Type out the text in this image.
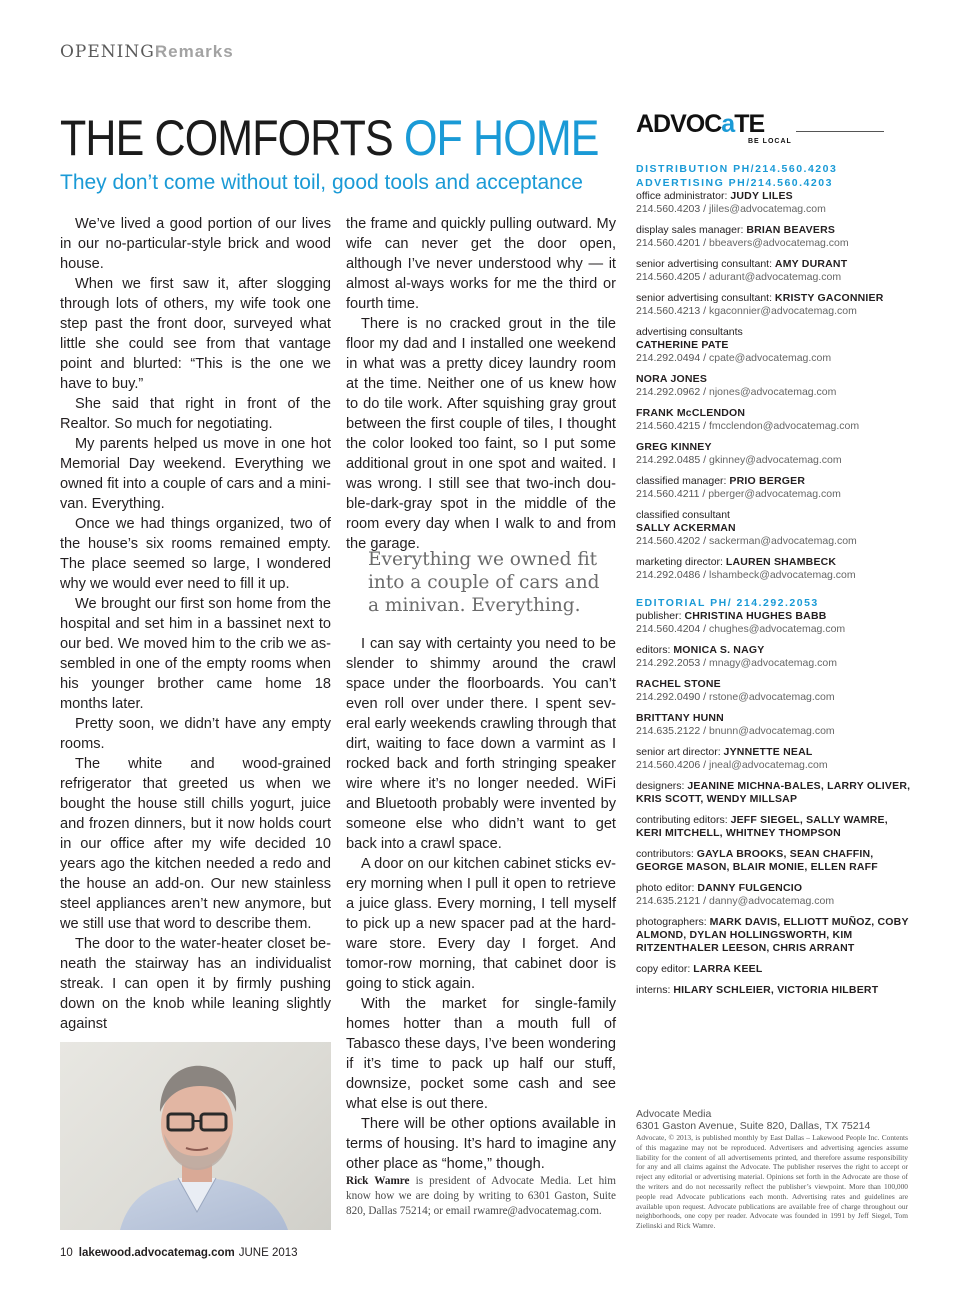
OPENINGRemarks
THE COMFORTS OF HOME
They don’t come without toil, good tools and acceptance

We’ve lived a good portion of our lives in our no-particular-style brick and wood house.

When we first saw it, after slogging through lots of others, my wife took one step past the front door, surveyed what little she could see from that vantage point and blurted: “This is the one we have to buy.”

She said that right in front of the Realtor. So much for negotiating.

My parents helped us move in one hot Memorial Day weekend. Everything we owned fit into a couple of cars and a mini-van. Everything.

Once we had things organized, two of the house’s six rooms remained empty. The place seemed so large, I wondered why we would ever need to fill it up.

We brought our first son home from the hospital and set him in a bassinet next to our bed. We moved him to the crib we as-sembled in one of the empty rooms when his younger brother came home 18 months later.

Pretty soon, we didn’t have any empty rooms.

The white and wood-grained refrigerator that greeted us when we bought the house still chills yogurt, juice and frozen dinners, but it now holds court in our office after my wife decided 10 years ago the kitchen needed a redo and the house an add-on. Our new stainless steel appliances aren’t new anymore, but we still use that word to describe them.

The door to the water-heater closet be-neath the stairway has an individualist streak. I can open it by firmly pushing down on the knob while leaning slightly against

the frame and quickly pulling outward. My wife can never get the door open, although I’ve never understood why — it almost al-ways works for me the third or fourth time.

There is no cracked grout in the tile floor my dad and I installed one weekend in what was a pretty dicey laundry room at the time. Neither one of us knew how to do tile work. After squishing gray grout between the first couple of tiles, I thought the color looked too faint, so I put some additional grout in one spot and waited. I was wrong. I still see that two-inch dou-ble-dark-gray spot in the middle of the room every day when I walk to and from the garage.

Everything we owned fit into a couple of cars and a minivan. Everything.

I can say with certainty you need to be slender to shimmy around the crawl space under the floorboards. You can’t even roll over under there. I spent sev-eral early weekends crawling through that dirt, waiting to face down a varmint as I rocked back and forth stringing speaker wire where it’s no longer needed. WiFi and Bluetooth probably were invented by someone else who didn’t want to get back into a crawl space.

A door on our kitchen cabinet sticks ev-ery morning when I pull it open to retrieve a juice glass. Every morning, I tell myself to pick up a new spacer pad at the hard-ware store. Every day I forget. And tomor-row morning, that cabinet door is going to stick again.

With the market for single-family homes hotter than a mouth full of Tabasco these days, I’ve been wondering if it’s time to pack up half our stuff, downsize, pocket some cash and see what else is out there.

There will be other options available in terms of housing. It’s hard to imagine any other place as “home,” though.

Rick Wamre is president of Advocate Media. Let him know how we are doing by writing to 6301 Gaston, Suite 820, Dallas 75214; or email rwamre@advocatemag.com.
10 lakewood.advocatemag.com JUNE 2013
ADVOCaTE
BE LOCAL
DISTRIBUTION PH/214.560.4203
ADVERTISING PH/214.560.4203
office administrator: JUDY LILES
214.560.4203 / jliles@advocatemag.com
display sales manager: BRIAN BEAVERS
214.560.4201 / bbeavers@advocatemag.com
senior advertising consultant: AMY DURANT
214.560.4205 / adurant@advocatemag.com
senior advertising consultant: KRISTY GACONNIER
214.560.4213 / kgaconnier@advocatemag.com
advertising consultants
CATHERINE PATE
214.292.0494 / cpate@advocatemag.com
NORA JONES
214.292.0962 / njones@advocatemag.com
FRANK McCLENDON
214.560.4215 / fmcclendon@advocatemag.com
GREG KINNEY
214.292.0485 / gkinney@advocatemag.com
classified manager: PRIO BERGER
214.560.4211 / pberger@advocatemag.com
classified consultant
SALLY ACKERMAN
214.560.4202 / sackerman@advocatemag.com
marketing director: LAUREN SHAMBECK
214.292.0486 / lshambeck@advocatemag.com
EDITORIAL PH/ 214.292.2053
publisher: CHRISTINA HUGHES BABB
214.560.4204 / chughes@advocatemag.com
editors: MONICA S. NAGY
214.292.2053 / mnagy@advocatemag.com
RACHEL STONE
214.292.0490 / rstone@advocatemag.com
BRITTANY HUNN
214.635.2122 / bnunn@advocatemag.com
senior art director: JYNNETTE NEAL
214.560.4206 / jneal@advocatemag.com
designers: JEANINE MICHNA-BALES, LARRY OLIVER, KRIS SCOTT, WENDY MILLSAP
contributing editors: JEFF SIEGEL, SALLY WAMRE, KERI MITCHELL, WHITNEY THOMPSON
contributors: GAYLA BROOKS, SEAN CHAFFIN, GEORGE MASON, BLAIR MONIE, ELLEN RAFF
photo editor: DANNY FULGENCIO
214.635.2121 / danny@advocatemag.com
photographers: MARK DAVIS, ELLIOTT MUÑOZ, COBY ALMOND, DYLAN HOLLINGSWORTH, KIM RITZENTHALER LEESON, CHRIS ARRANT
copy editor: LARRA KEEL
interns: HILARY SCHLEIER, VICTORIA HILBERT
Advocate Media
6301 Gaston Avenue, Suite 820, Dallas, TX 75214
Advocate, © 2013, is published monthly by East Dallas – Lakewood People Inc. Contents of this magazine may not be reproduced. Advertisers and advertising agencies assume liability for the content of all advertisements printed, and therefore assume responsibility for any and all claims against the Advocate. The publisher reserves the right to accept or reject any editorial or advertising material. Opinions set forth in the Advocate are those of the writers and do not necessarily reflect the publisher’s viewpoint. More than 100,000 people read Advocate publications each month. Advertising rates and guidelines are available upon request. Advocate publications are available free of charge throughout our neighborhoods, one copy per reader. Advocate was founded in 1991 by Jeff Siegel, Tom Zielinski and Rick Wamre.
